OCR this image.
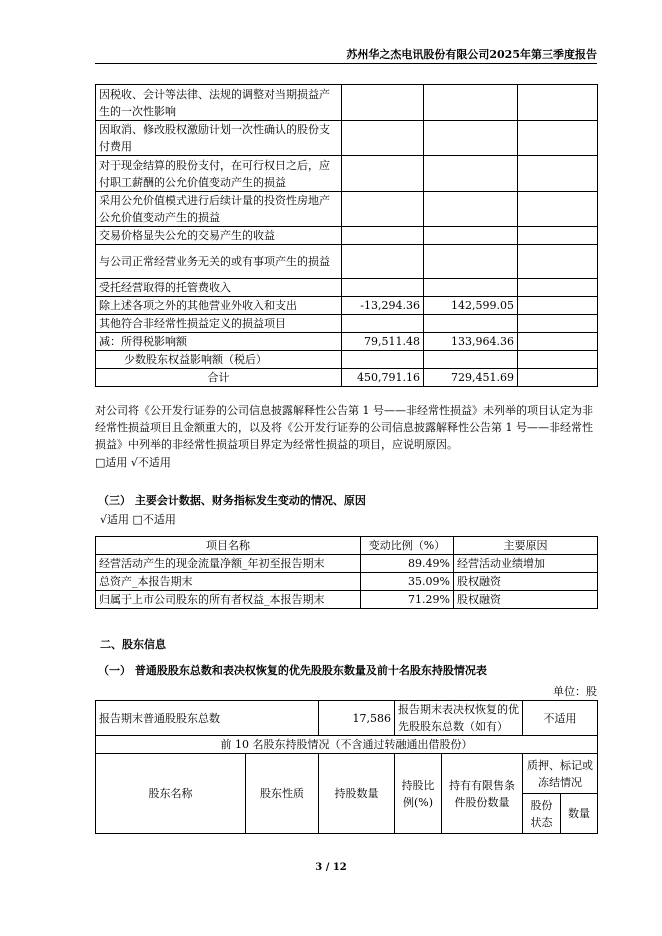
苏州华之杰电讯股份有限公司2025年第三季度报告
因税收、会计等法律、法规的调整对当期损益产生的一次性影响			
因取消、修改股权激励计划一次性确认的股份支付费用			
对于现金结算的股份支付，在可行权日之后，应付职工薪酬的公允价值变动产生的损益			
采用公允价值模式进行后续计量的投资性房地产公允价值变动产生的损益			
交易价格显失公允的交易产生的收益			
与公司正常经营业务无关的或有事项产生的损益			
受托经营取得的托管费收入			
除上述各项之外的其他营业外收入和支出	-13,294.36	142,599.05	
其他符合非经常性损益定义的损益项目			
减：所得税影响额	79,511.48	133,964.36	
少数股东权益影响额（税后）			
合计	450,791.16	729,451.69	
对公司将《公开发行证券的公司信息披露解释性公告第 1 号——非经常性损益》未列举的项目认定为非经常性损益项目且金额重大的，以及将《公开发行证券的公司信息披露解释性公告第 1 号——非经常性损益》中列举的非经常性损益项目界定为经常性损益的项目，应说明原因。
□适用 √不适用
（三） 主要会计数据、财务指标发生变动的情况、原因
√适用 □不适用
项目名称	变动比例（%）	主要原因
经营活动产生的现金流量净额_年初至报告期末	89.49%	经营活动业绩增加
总资产_本报告期末	35.09%	股权融资
归属于上市公司股东的所有者权益_本报告期末	71.29%	股权融资
二、股东信息
（一） 普通股股东总数和表决权恢复的优先股股东数量及前十名股东持股情况表
单位：股
报告期末普通股股东总数		17,586	报告期末表决权恢复的优先股股东总数（如有）		不适用	
前 10 名股东持股情况（不含通过转融通出借股份）						
股东名称	股东性质	持股数量	持股比例(%)	持有有限售条件股份数量	质押、标记或冻结情况	
					股份状态	数量
3 / 12
